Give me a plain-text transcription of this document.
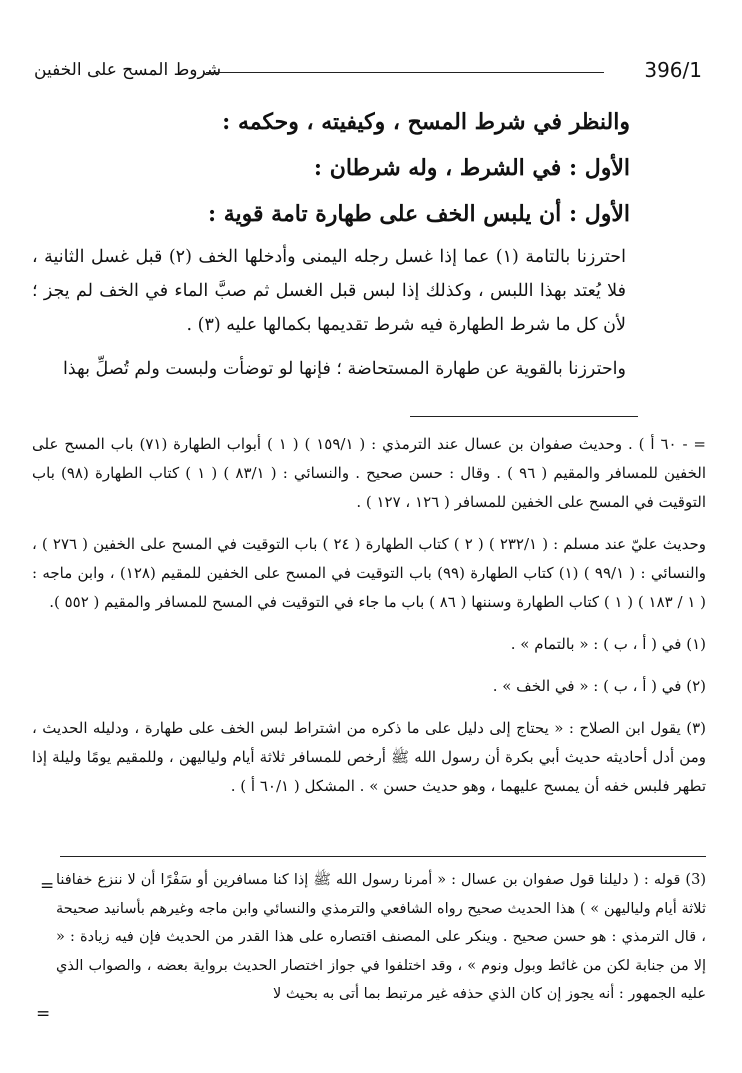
شروط المسح على الخفين	396/1
والنظر في شرط المسح ، وكيفيته ، وحكمه :
الأول : في الشرط ، وله شرطان :
الأول : أن يلبس الخف على طهارة تامة قوية :

احترزنا بالتامة (١) عما إذا غسل رجله اليمنى وأدخلها الخف (٢) قبل غسل الثانية ، فلا يُعتد بهذا اللبس ، وكذلك إذا لبس قبل الغسل ثم صبَّ الماء في الخف لم يجز ؛ لأن كل ما شرط الطهارة فيه شرط تقديمها بكمالها عليه (٣) .

واحترزنا بالقوية عن طهارة المستحاضة ؛ فإنها لو توضأت ولبست ولم تُصلِّ بهذا

= - ٦٠ أ ) . وحديث صفوان بن عسال عند الترمذي : ( ١٥٩/١ ) ( ١ ) أبواب الطهارة (٧١) باب المسح على الخفين للمسافر والمقيم ( ٩٦ ) . وقال : حسن صحيح . والنسائي : ( ٨٣/١ ) ( ١ ) كتاب الطهارة (٩٨) باب التوقيت في المسح على الخفين للمسافر ( ١٢٦ ، ١٢٧ ) .

وحديث عليّ عند مسلم : ( ٢٣٢/١ ) ( ٢ ) كتاب الطهارة ( ٢٤ ) باب التوقيت في المسح على الخفين ( ٢٧٦ ) ، والنسائي : ( ٩٩/١ ) (١) كتاب الطهارة (٩٩) باب التوقيت في المسح على الخفين للمقيم (١٢٨) ، وابن ماجه : ( ١ / ١٨٣ ) ( ١ ) كتاب الطهارة وسننها ( ٨٦ ) باب ما جاء في التوقيت في المسح للمسافر والمقيم ( ٥٥٢ ).

(١) في ( أ ، ب ) : « بالتمام » .

(٢) في ( أ ، ب ) : « في الخف » .

(٣) يقول ابن الصلاح : « يحتاج إلى دليل على ما ذكره من اشتراط لبس الخف على طهارة ، ودليله الحديث ، ومن أدل أحاديثه حديث أبي بكرة أن رسول الله ﷺ أرخص للمسافر ثلاثة أيام ولياليهن ، وللمقيم يومًا وليلة إذا تطهر فلبس خفه أن يمسح عليهما ، وهو حديث حسن » . المشكل ( ٦٠/١ أ ) .

(3) قوله : ( دليلنا قول صفوان بن عسال : « أمرنا رسول الله ﷺ إذا كنا مسافرين أو سَفْرًا أن لا ننزع خفافنا ثلاثة أيام ولياليهن » ) هذا الحديث صحيح رواه الشافعي والترمذي والنسائي وابن ماجه وغيرهم بأسانيد صحيحة ، قال الترمذي : هو حسن صحيح . وينكر على المصنف اقتصاره على هذا القدر من الحديث فإن فيه زيادة : « إلا من جنابة لكن من غائط وبول ونوم » ، وقد اختلفوا في جواز اختصار الحديث برواية بعضه ، والصواب الذي عليه الجمهور : أنه يجوز إن كان الذي حذفه غير مرتبط بما أتى به بحيث لا

=
=
